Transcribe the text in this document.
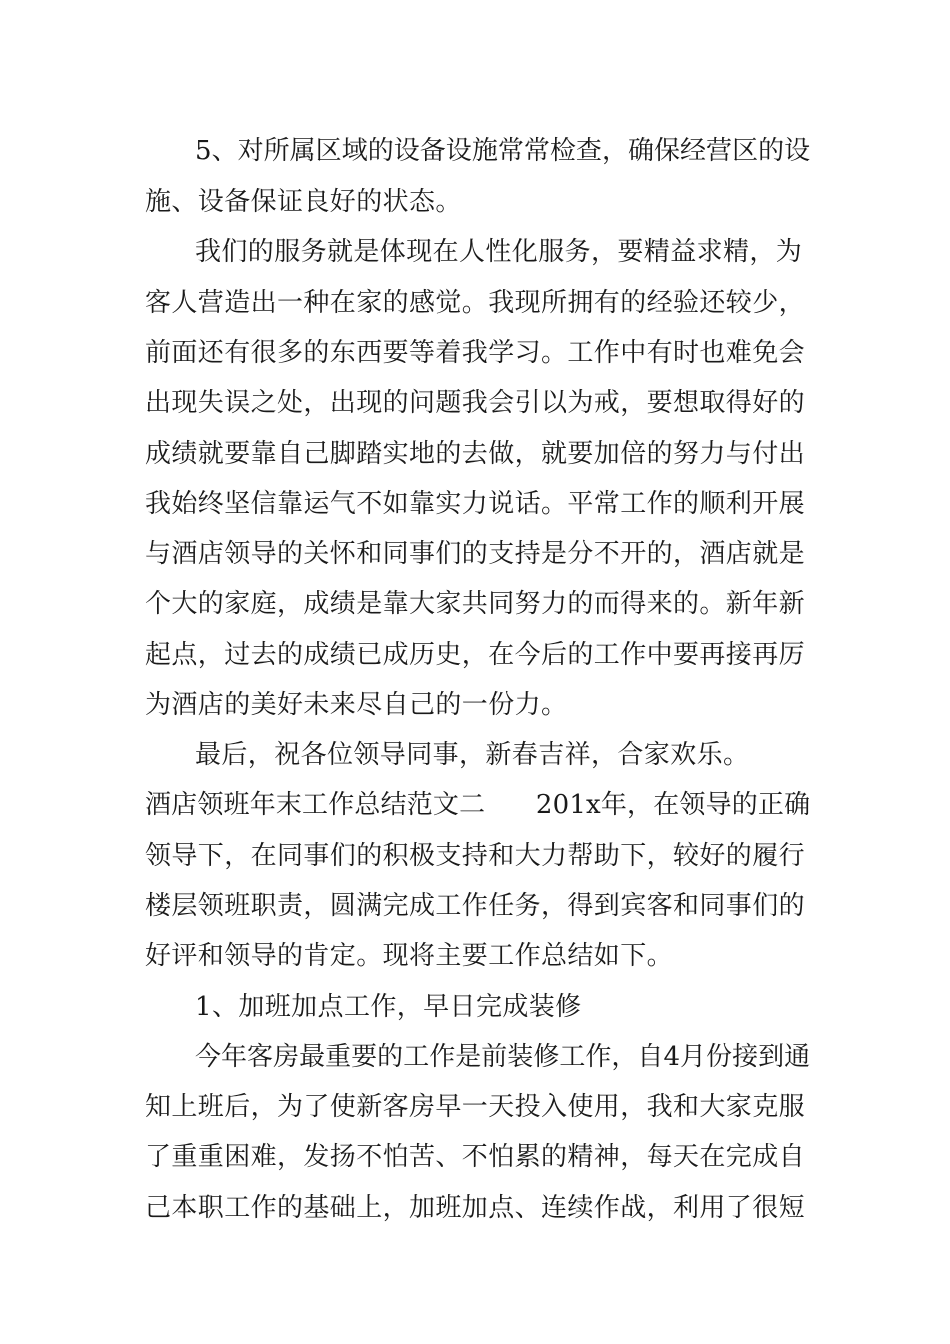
5、对所属区域的设备设施常常检查，确保经营区的设
施、设备保证良好的状态。
我们的服务就是体现在人性化服务，要精益求精，为
客人营造出一种在家的感觉。我现所拥有的经验还较少，
前面还有很多的东西要等着我学习。工作中有时也难免会
出现失误之处，出现的问题我会引以为戒，要想取得好的
成绩就要靠自己脚踏实地的去做，就要加倍的努力与付出
我始终坚信靠运气不如靠实力说话。平常工作的顺利开展
与酒店领导的关怀和同事们的支持是分不开的，酒店就是
个大的家庭，成绩是靠大家共同努力的而得来的。新年新
起点，过去的成绩已成历史，在今后的工作中要再接再厉
为酒店的美好未来尽自己的一份力。
最后，祝各位领导同事，新春吉祥，合家欢乐。
酒店领班年末工作总结范文二      201x年，在领导的正确
领导下，在同事们的积极支持和大力帮助下，较好的履行
楼层领班职责，圆满完成工作任务，得到宾客和同事们的
好评和领导的肯定。现将主要工作总结如下。
1、加班加点工作，早日完成装修
今年客房最重要的工作是前装修工作，自4月份接到通
知上班后，为了使新客房早一天投入使用，我和大家克服
了重重困难，发扬不怕苦、不怕累的精神，每天在完成自
己本职工作的基础上，加班加点、连续作战，利用了很短
